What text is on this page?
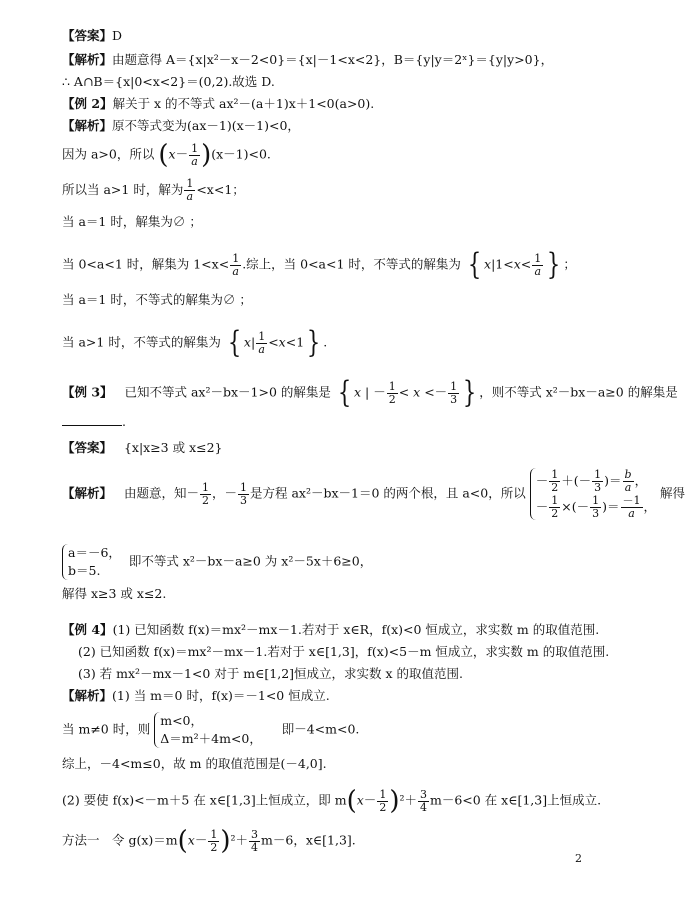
【答案】D
【解析】由题意得 A＝{x|x²－x－2<0}＝{x|－1<x<2}，B＝{y|y＝2ˣ}＝{y|y>0}，
∴ A∩B＝{x|0<x<2}＝(0,2).故选 D.
【例 2】解关于 x 的不等式 ax²－(a＋1)x＋1<0(a>0).
【解析】原不等式变为(ax－1)(x－1)<0，
因为 a>0，所以 $(x- \frac{1}{a} )(x-1)<0$.
所以当 a>1 时，解为 $\frac{1}{a} <x<1$；
当 a＝1 时，解集为∅ ；
当 0<a<1 时，解集为 $1<x< \frac{1}{a}$ .综上，当 0<a<1 时，不等式的解集为 { $x|1<x< \frac{1}{a}$ } ；
当 a＝1 时，不等式的解集为∅ ；
当 a>1 时，不等式的解集为 { $x| \frac{1}{a} <x<1$} .
【例 3】 已知不等式 ax²－bx－1>0 的解集是 { x | － $\frac{1}{2} < x <- \frac{1}{3}$ } ，则不等式 x²－bx－a≥0 的解集是
.
【答案】 {x|x≥3 或 x≤2}
【解析】 由题意，知－ $\frac{1}{2}$ ，－ $\frac{1}{3}$ 是方程 ax²－bx－1＝0 的两个根，且 a<0，所以 － $\frac{1}{2}$ ＋(－ $\frac{1}{3}$ )＝ $\frac{b}{a}$ ，
－ $\frac{1}{2}$ ×(－ $\frac{1}{3}$ )＝ $\frac{-1}{a}$ ， 解得
a＝－6，
b＝5.  即不等式 x²－bx－a≥0 为 x²－5x＋6≥0，
解得 x≥3 或 x≤2.
【例 4】(1) 已知函数 f(x)＝mx²－mx－1.若对于 x∈R，f(x)<0 恒成立，求实数 m 的取值范围.
(2) 已知函数 f(x)＝mx²－mx－1.若对于 x∈[1,3]，f(x)<5－m 恒成立，求实数 m 的取值范围.
(3) 若 mx²－mx－1<0 对于 m∈[1,2]恒成立，求实数 x 的取值范围.
【解析】(1) 当 m＝0 时，f(x)＝－1<0 恒成立.
当 m≠0 时，则 m<0，
Δ＝m²＋4m<0，     即－4<m<0.
综上，－4<m≤0，故 m 的取值范围是(－4,0].
(2) 要使 f(x)<－m＋5 在 x∈[1,3]上恒成立，即 $m(x- \frac{1}{2} )^2+ \frac{3}{4} m-6<0$ 在 x∈[1,3]上恒成立.
方法一　令 $g(x)=m(x- \frac{1}{2} )^2+ \frac{3}{4} m-6$，x∈[1,3].
2
